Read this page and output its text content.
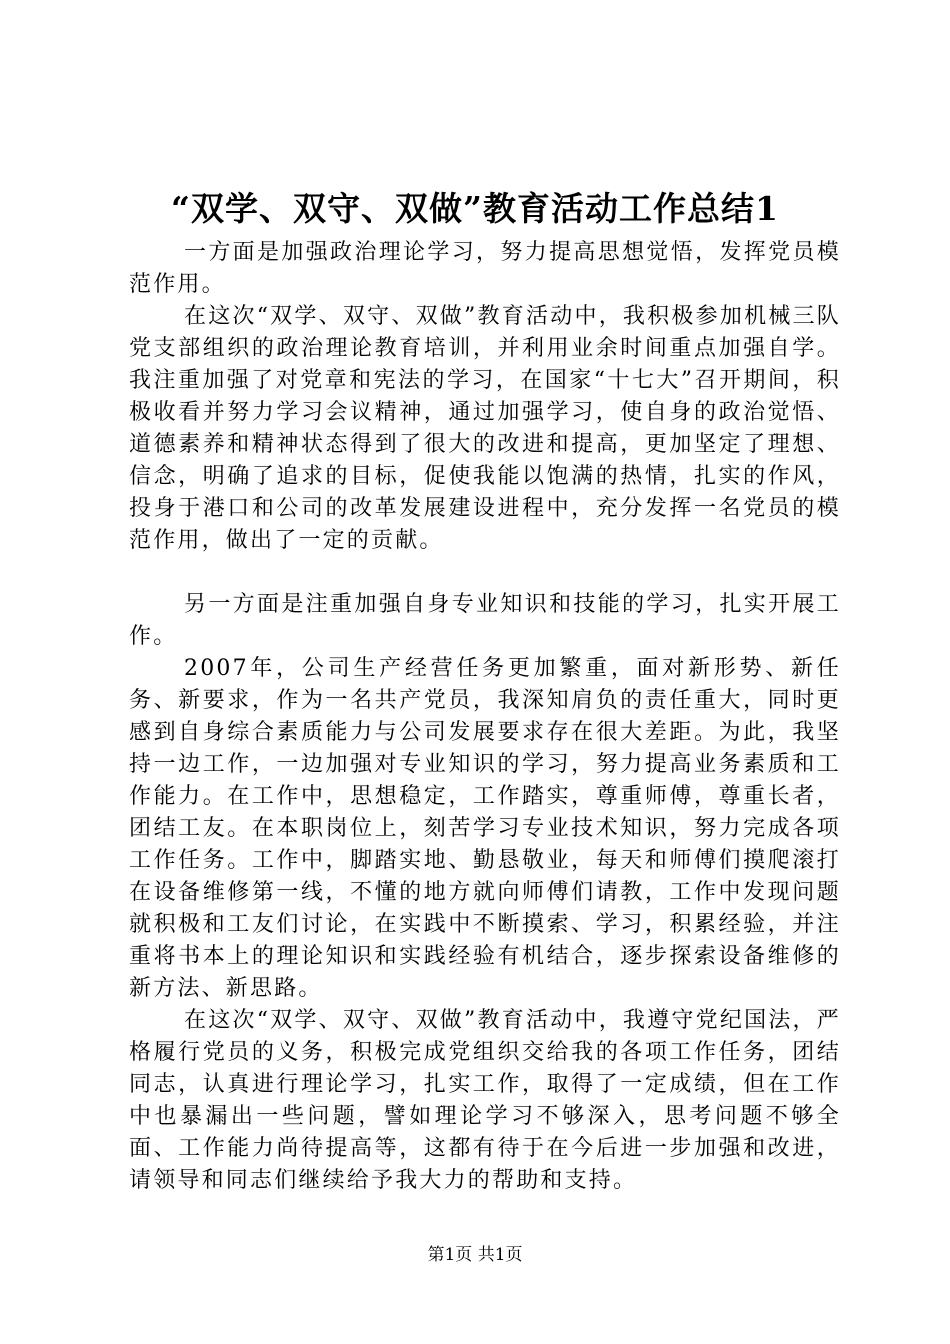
“双学、双守、双做”教育活动工作总结1

一方面是加强政治理论学习，努力提高思想觉悟，发挥党员模范作用。

在这次“双学、双守、双做”教育活动中，我积极参加机械三队党支部组织的政治理论教育培训，并利用业余时间重点加强自学。我注重加强了对党章和宪法的学习，在国家“十七大”召开期间，积极收看并努力学习会议精神，通过加强学习，使自身的政治觉悟、道德素养和精神状态得到了很大的改进和提高，更加坚定了理想、信念，明确了追求的目标，促使我能以饱满的热情，扎实的作风，投身于港口和公司的改革发展建设进程中，充分发挥一名党员的模范作用，做出了一定的贡献。

另一方面是注重加强自身专业知识和技能的学习，扎实开展工作。

2007年，公司生产经营任务更加繁重，面对新形势、新任务、新要求，作为一名共产党员，我深知肩负的责任重大，同时更感到自身综合素质能力与公司发展要求存在很大差距。为此，我坚持一边工作，一边加强对专业知识的学习，努力提高业务素质和工作能力。在工作中，思想稳定，工作踏实，尊重师傅，尊重长者，团结工友。在本职岗位上，刻苦学习专业技术知识，努力完成各项工作任务。工作中，脚踏实地、勤恳敬业，每天和师傅们摸爬滚打在设备维修第一线，不懂的地方就向师傅们请教，工作中发现问题就积极和工友们讨论，在实践中不断摸索、学习，积累经验，并注重将书本上的理论知识和实践经验有机结合，逐步探索设备维修的新方法、新思路。

在这次“双学、双守、双做”教育活动中，我遵守党纪国法，严格履行党员的义务，积极完成党组织交给我的各项工作任务，团结同志，认真进行理论学习，扎实工作，取得了一定成绩，但在工作中也暴漏出一些问题，譬如理论学习不够深入，思考问题不够全面、工作能力尚待提高等，这都有待于在今后进一步加强和改进，请领导和同志们继续给予我大力的帮助和支持。

第1页 共1页
